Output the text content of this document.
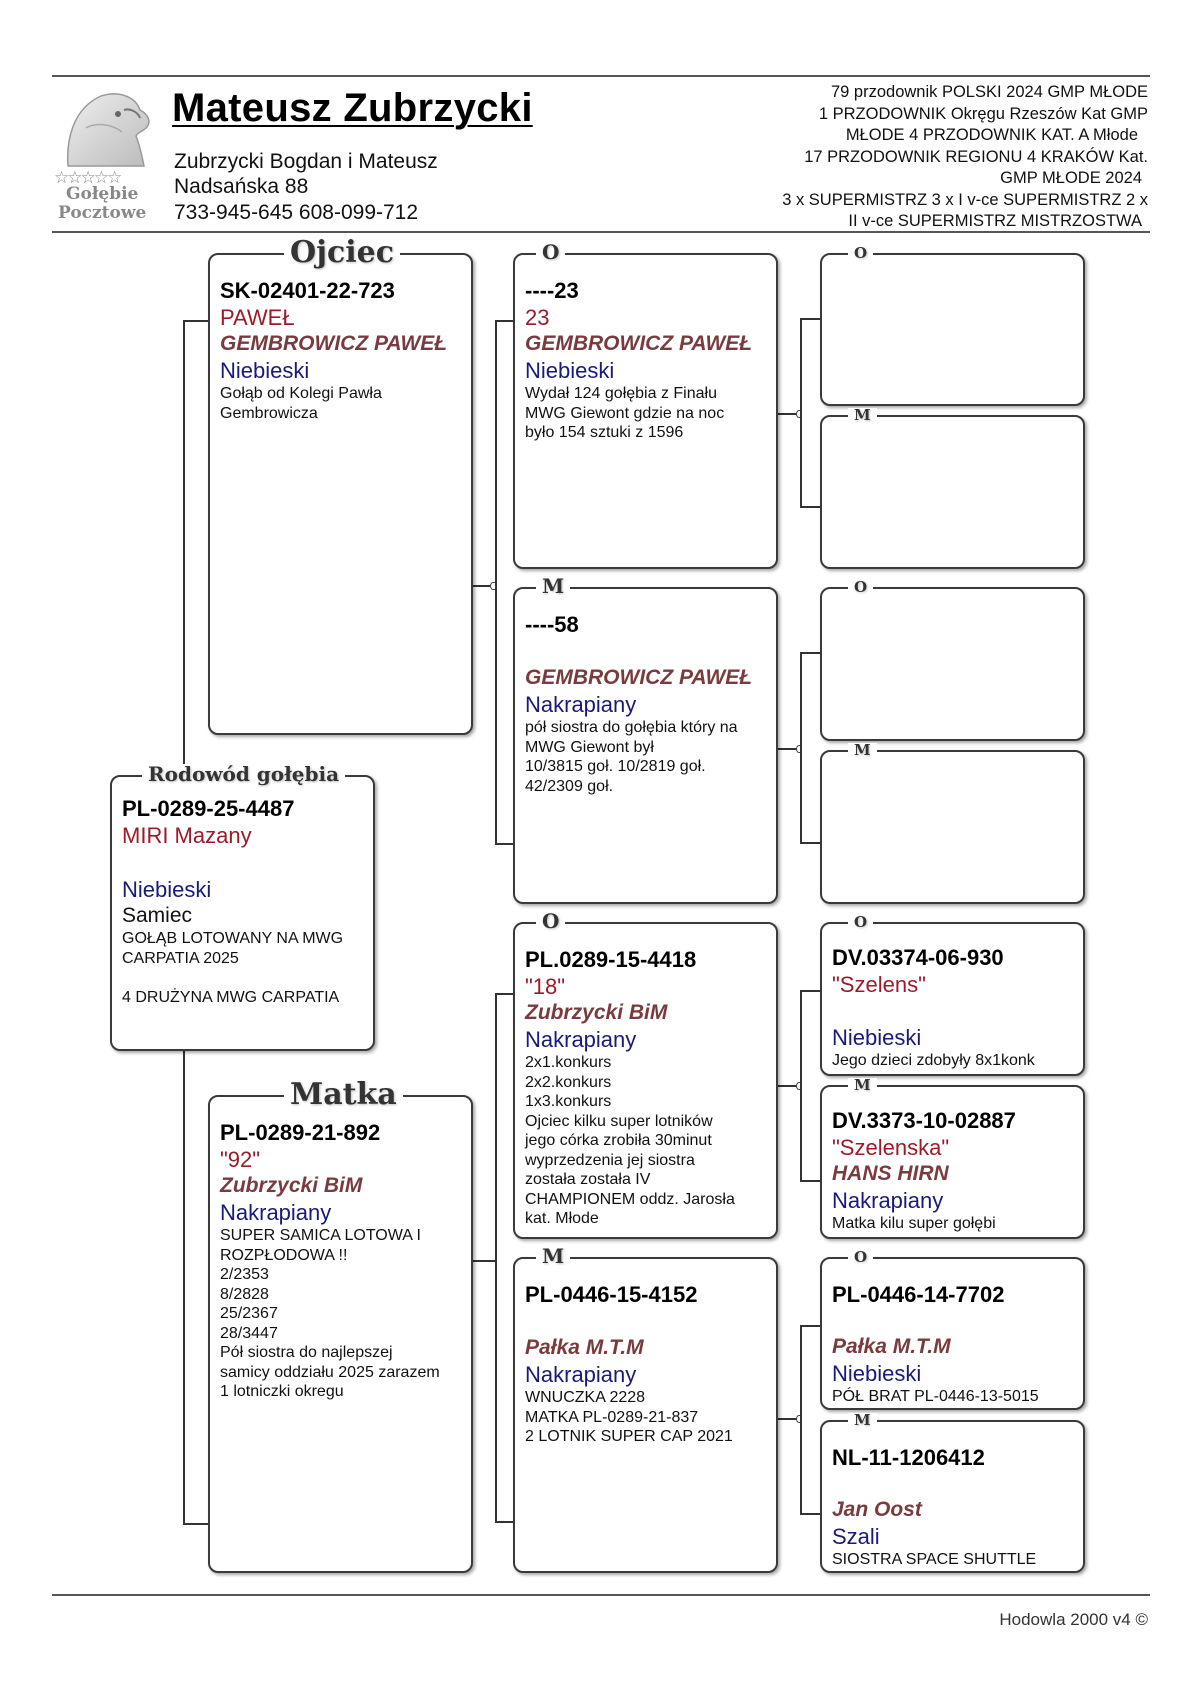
☆☆☆☆☆
Gołębie
Pocztowe
Mateusz Zubrzycki
Zubrzycki Bogdan i Mateusz
Nadsańska 88
733-945-645 608-099-712
79 przodownik POLSKI 2024 GMP MŁODE
1 PRZODOWNIK Okręgu Rzeszów Kat GMP
MŁODE 4 PRZODOWNIK KAT. A Młode
17 PRZODOWNIK REGIONU 4 KRAKÓW Kat.
GMP MŁODE 2024
3 x SUPERMISTRZ 3 x I v-ce SUPERMISTRZ 2 x
II v-ce SUPERMISTRZ MISTRZOSTWA
PL-0289-25-4487
MIRI Mazany
Niebieski
Samiec
GOŁĄB LOTOWANY NA MWG
CARPATIA 2025

4 DRUŻYNA MWG CARPATIA
Rodowód gołębia
SK-02401-22-723
PAWEŁ
GEMBROWICZ PAWEŁ
Niebieski
Gołąb od Kolegi Pawła
Gembrowicza
Ojciec
PL-0289-21-892
"92"
Zubrzycki BiM
Nakrapiany
SUPER SAMICA LOTOWA I
ROZPŁODOWA !!
2/2353
8/2828
25/2367
28/3447
Pół siostra do najlepszej
samicy oddziału 2025 zarazem
1 lotniczki okregu
Matka
----23
23
GEMBROWICZ PAWEŁ
Niebieski
Wydał 124 gołębia z Finału
MWG Giewont gdzie na noc
było 154 sztuki z 1596
O
----58
GEMBROWICZ PAWEŁ
Nakrapiany
pół siostra do gołębia który na
MWG Giewont był
10/3815 goł. 10/2819 goł.
42/2309 goł.
M
PL.0289-15-4418
"18"
Zubrzycki BiM
Nakrapiany
2x1.konkurs
2x2.konkurs
1x3.konkurs
Ojciec kilku super lotników
jego córka zrobiła 30minut
wyprzedzenia jej siostra
została została IV
CHAMPIONEM oddz. Jarosła
kat. Młode
O
PL-0446-15-4152
Pałka M.T.M
Nakrapiany
WNUCZKA 2228
MATKA PL-0289-21-837
2 LOTNIK SUPER CAP 2021
M
O
M
O
M
DV.03374-06-930
"Szelens"
Niebieski
Jego dzieci zdobyły 8x1konk
O
DV.3373-10-02887
"Szelenska"
HANS HIRN
Nakrapiany
Matka kilu super gołębi
M
PL-0446-14-7702
Pałka M.T.M
Niebieski
PÓŁ BRAT PL-0446-13-5015
O
NL-11-1206412
Jan Oost
Szali
SIOSTRA SPACE SHUTTLE
M
Hodowla 2000 v4 ©
